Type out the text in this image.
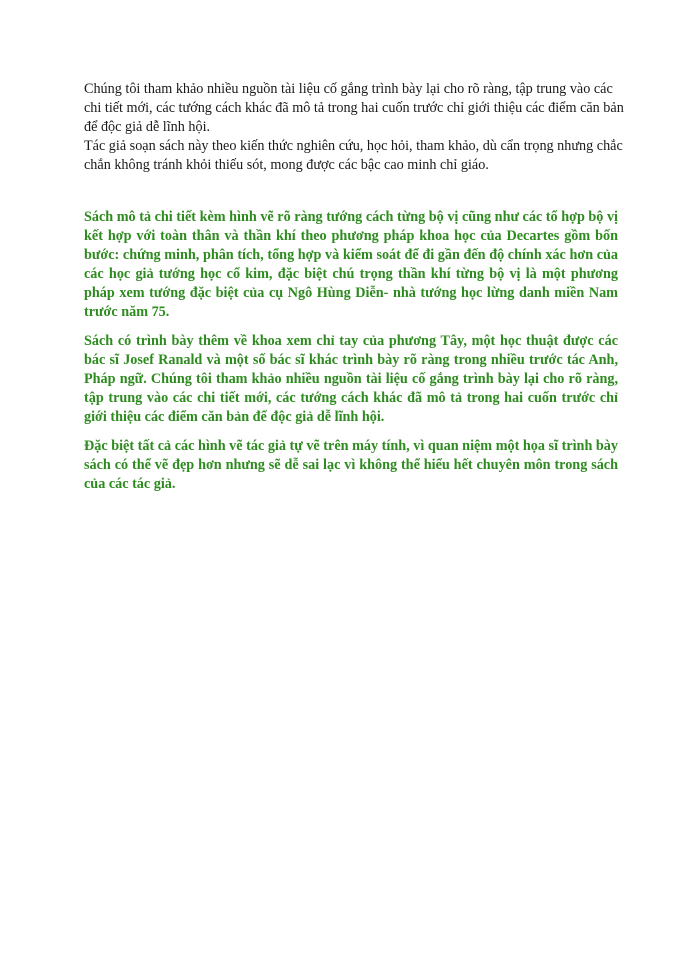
Chúng tôi tham khảo nhiều nguồn tài liệu cố gắng trình bày lại cho rõ ràng, tập trung vào các chi tiết mới, các tướng cách khác đã mô tả trong hai cuốn trước chỉ giới thiệu các điểm căn bản để độc giả dễ lĩnh hội.

Tác giả soạn sách này theo kiến thức nghiên cứu, học hỏi, tham khảo, dù cẩn trọng nhưng chắc chắn không tránh khỏi thiếu sót, mong được các bậc cao minh chỉ giáo.

Sách mô tả chi tiết kèm hình vẽ rõ ràng tướng cách từng bộ vị cũng như các tổ hợp bộ vị kết hợp với toàn thân và thần khí theo phương pháp khoa học của Decartes gồm bốn bước: chứng minh, phân tích, tổng hợp và kiểm soát để đi gần đến độ chính xác hơn của các học giả tướng học cổ kim, đặc biệt chú trọng thần khí từng bộ vị là một phương pháp xem tướng đặc biệt của cụ Ngô Hùng Diễn- nhà tướng học lừng danh miền Nam trước năm 75.

Sách có trình bày thêm về khoa xem chỉ tay của phương Tây, một học thuật được các bác sĩ Josef Ranald và một số bác sĩ khác trình bày rõ ràng trong nhiều trước tác Anh, Pháp ngữ. Chúng tôi tham khảo nhiều nguồn tài liệu cố gắng trình bày lại cho rõ ràng, tập trung vào các chi tiết mới, các tướng cách khác đã mô tả trong hai cuốn trước chỉ giới thiệu các điểm căn bản để độc giả dễ lĩnh hội.

Đặc biệt tất cả các hình vẽ tác giả tự vẽ trên máy tính, vì quan niệm một họa sĩ trình bày sách có thể vẽ đẹp hơn nhưng sẽ dễ sai lạc vì không thể hiểu hết chuyên môn trong sách của các tác giả.
